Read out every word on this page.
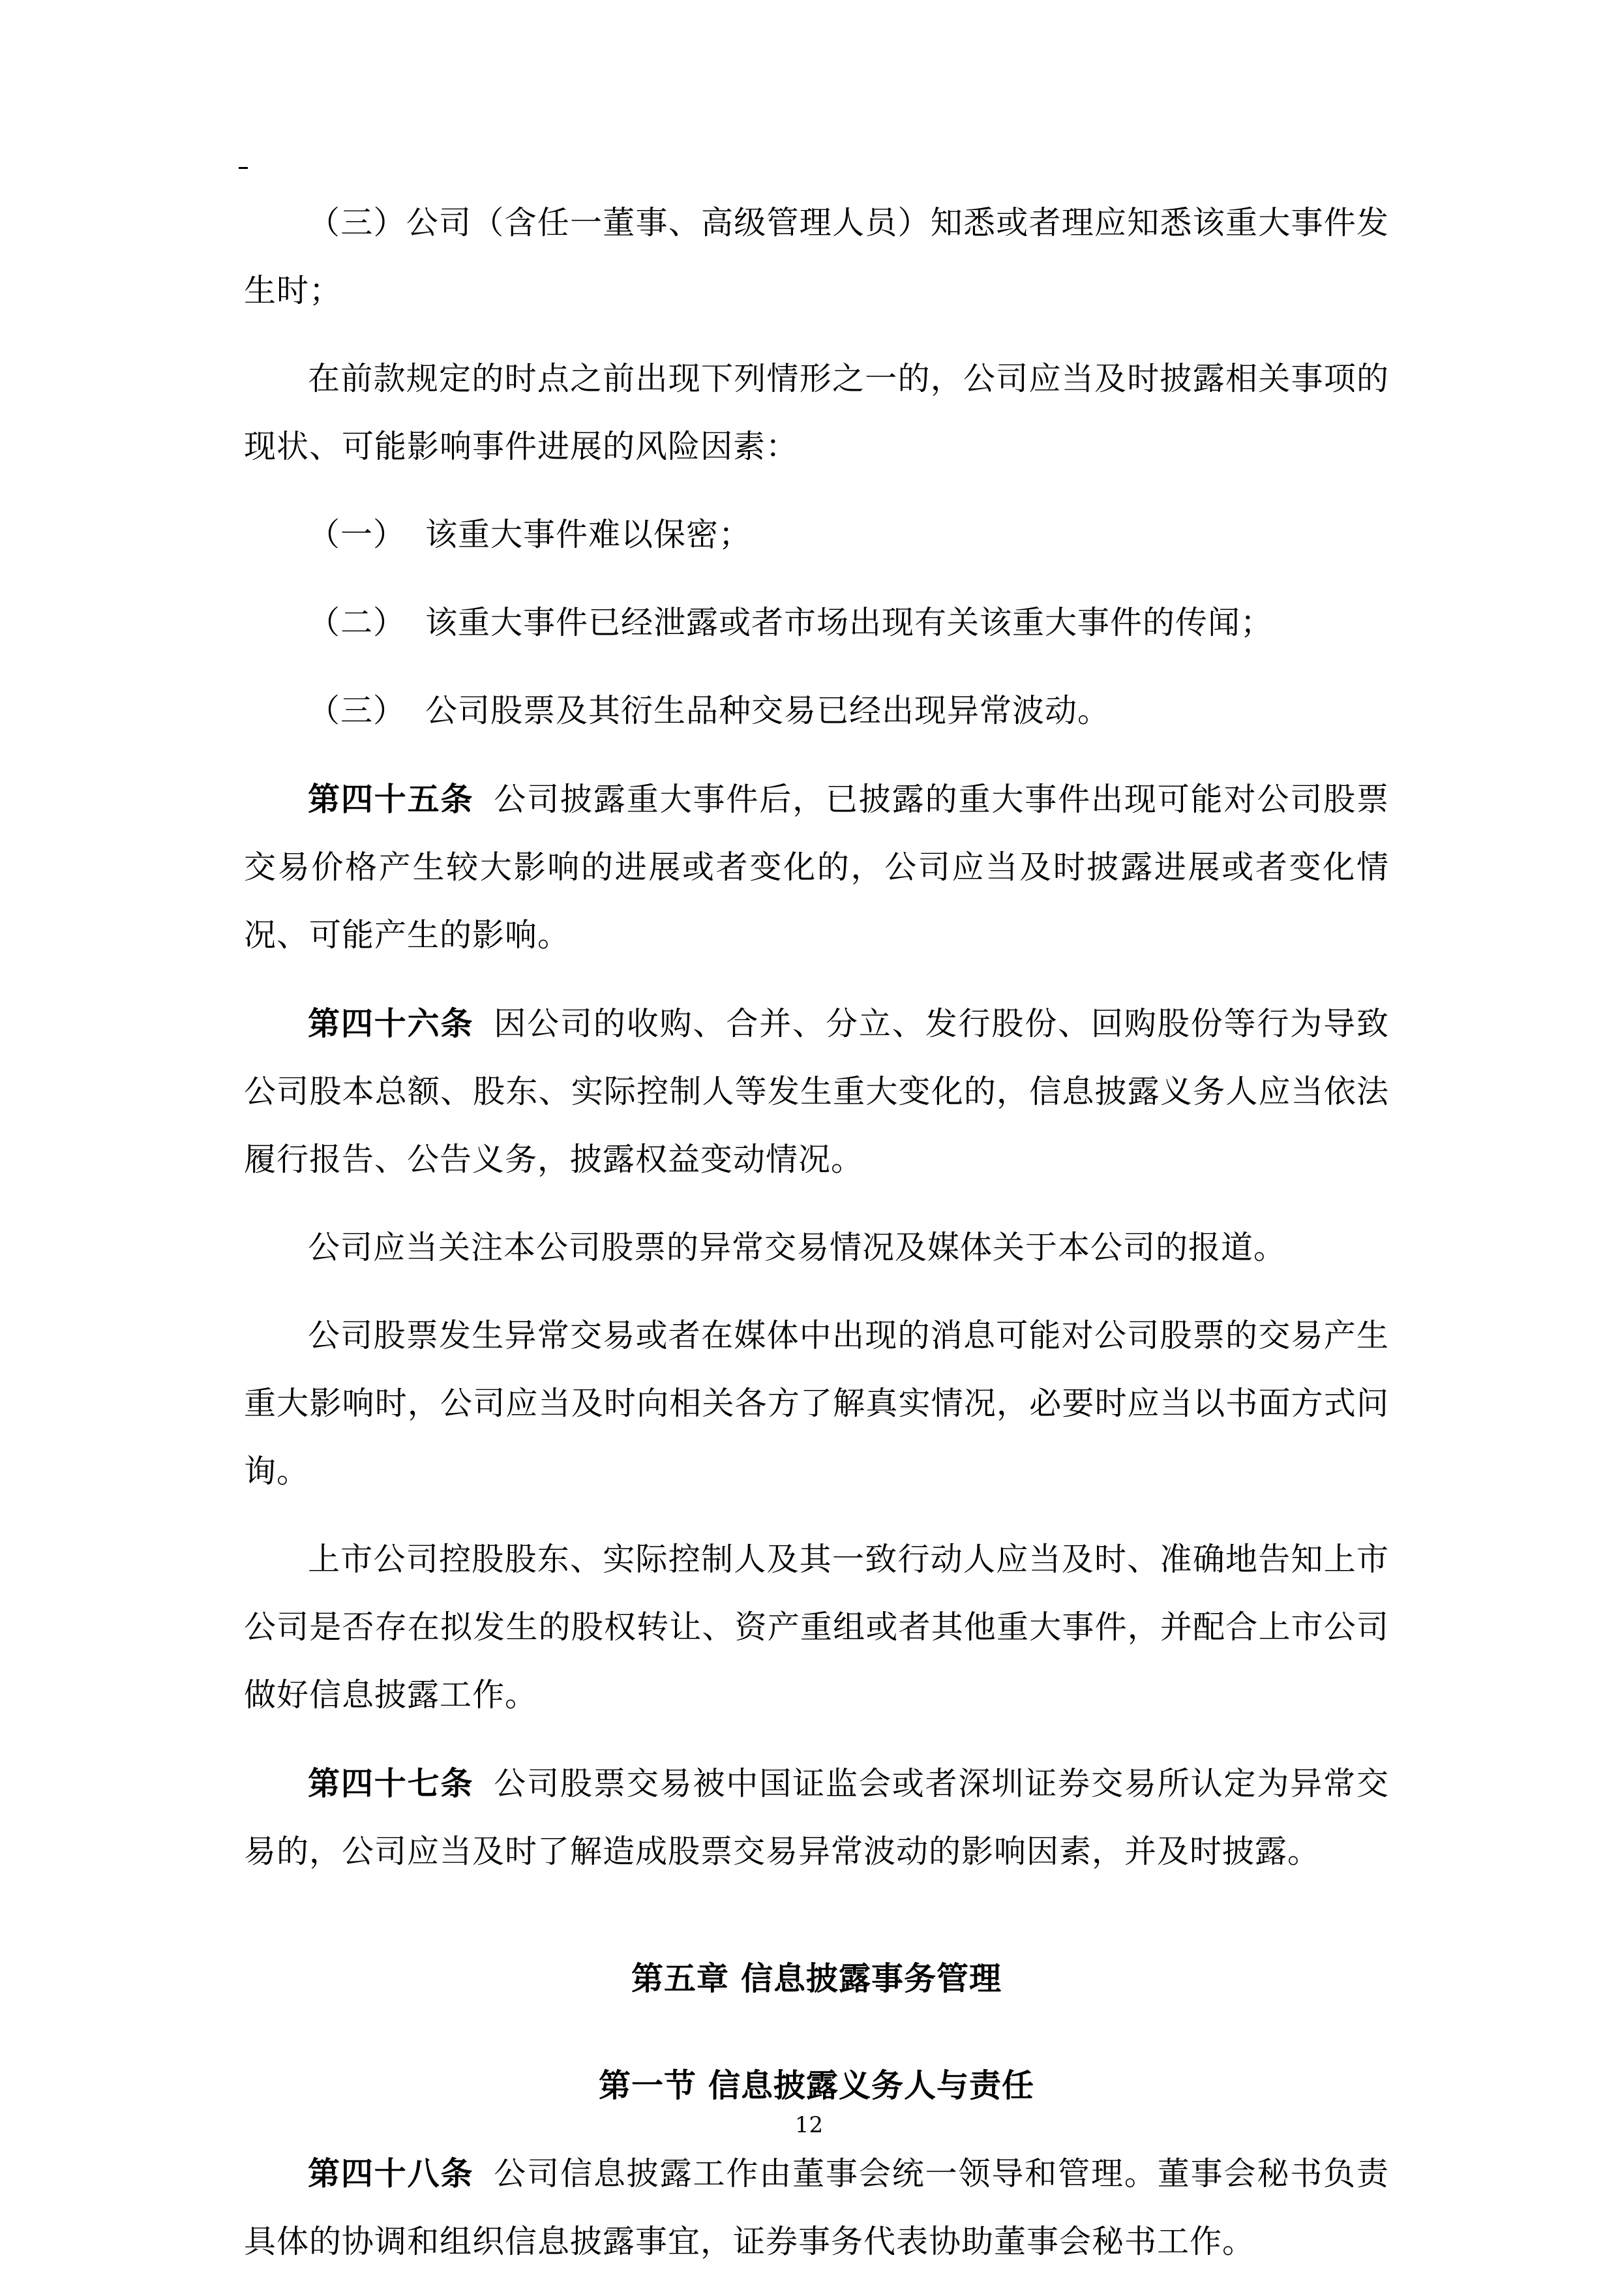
（三）公司（含任一董事、高级管理人员）知悉或者理应知悉该重大事件发生时；

在前款规定的时点之前出现下列情形之一的，公司应当及时披露相关事项的现状、可能影响事件进展的风险因素：

（一） 该重大事件难以保密；

（二） 该重大事件已经泄露或者市场出现有关该重大事件的传闻；

（三） 公司股票及其衍生品种交易已经出现异常波动。

第四十五条 公司披露重大事件后，已披露的重大事件出现可能对公司股票交易价格产生较大影响的进展或者变化的，公司应当及时披露进展或者变化情况、可能产生的影响。

第四十六条 因公司的收购、合并、分立、发行股份、回购股份等行为导致公司股本总额、股东、实际控制人等发生重大变化的，信息披露义务人应当依法履行报告、公告义务，披露权益变动情况。

公司应当关注本公司股票的异常交易情况及媒体关于本公司的报道。

公司股票发生异常交易或者在媒体中出现的消息可能对公司股票的交易产生重大影响时，公司应当及时向相关各方了解真实情况，必要时应当以书面方式问询。

上市公司控股股东、实际控制人及其一致行动人应当及时、准确地告知上市公司是否存在拟发生的股权转让、资产重组或者其他重大事件，并配合上市公司做好信息披露工作。

第四十七条 公司股票交易被中国证监会或者深圳证券交易所认定为异常交易的，公司应当及时了解造成股票交易异常波动的影响因素，并及时披露。

第五章 信息披露事务管理
第一节 信息披露义务人与责任

第四十八条 公司信息披露工作由董事会统一领导和管理。董事会秘书负责具体的协调和组织信息披露事宜，证券事务代表协助董事会秘书工作。

12
